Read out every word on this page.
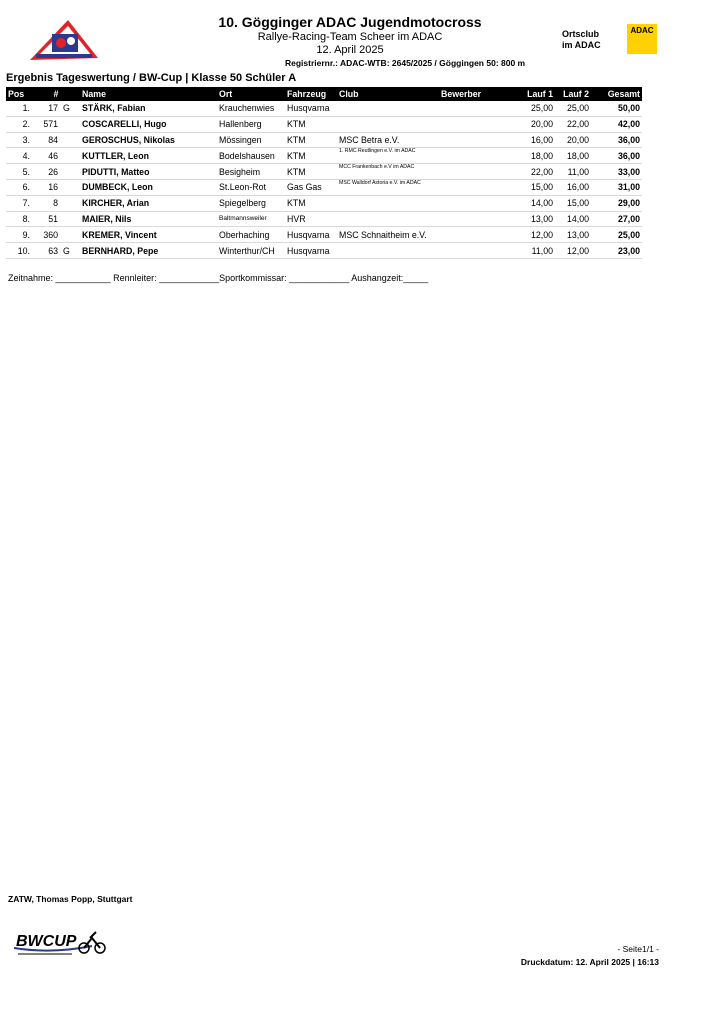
10. Gögginger ADAC Jugendmotocross
Rallye-Racing-Team Scheer im ADAC
12. April 2025
Registriernr.: ADAC-WTB: 2645/2025 / Göggingen 50: 800 m
Ortsclub
im ADAC
ADAC
Ergebnis Tageswertung / BW-Cup | Klasse 50 Schüler A
Pos	#	Name	Ort	Fahrzeug	Club	Bewerber	Lauf 1	Lauf 2	Gesamt
1.	17 G	STÄRK, Fabian	Krauchenwies	Husqvarna			25,00	25,00	50,00
2.	571	COSCARELLI, Hugo	Hallenberg	KTM			20,00	22,00	42,00
3.	84	GEROSCHUS, Nikolas	Mössingen	KTM	MSC Betra e.V.		16,00	20,00	36,00
4.	46	KUTTLER, Leon	Bodelshausen	KTM	1. RMC Reutlingen e.V. im ADAC		18,00	18,00	36,00
5.	26	PIDUTTI, Matteo	Besigheim	KTM	MCC Frankenbach e.V im ADAC		22,00	11,00	33,00
6.	16	DUMBECK, Leon	St.Leon-Rot	Gas Gas	MSC Walldorf Astoria e.V. im ADAC		15,00	16,00	31,00
7.	8	KIRCHER, Arian	Spiegelberg	KTM			14,00	15,00	29,00
8.	51	MAIER, Nils	Baltmannsweiler	HVR			13,00	14,00	27,00
9.	360	KREMER, Vincent	Oberhaching	Husqvarna	MSC Schnaitheim e.V.		12,00	13,00	25,00
10.	63 G	BERNHARD, Pepe	Winterthur/CH	Husqvarna			11,00	12,00	23,00
Zeitnahme: ___________ Rennleiter: ____________Sportkommissar: ____________ Aushangzeit:_____
ZATW, Thomas Popp, Stuttgart
BWCUP	- Seite1/1 -
Druckdatum: 12. April 2025 | 16:13
